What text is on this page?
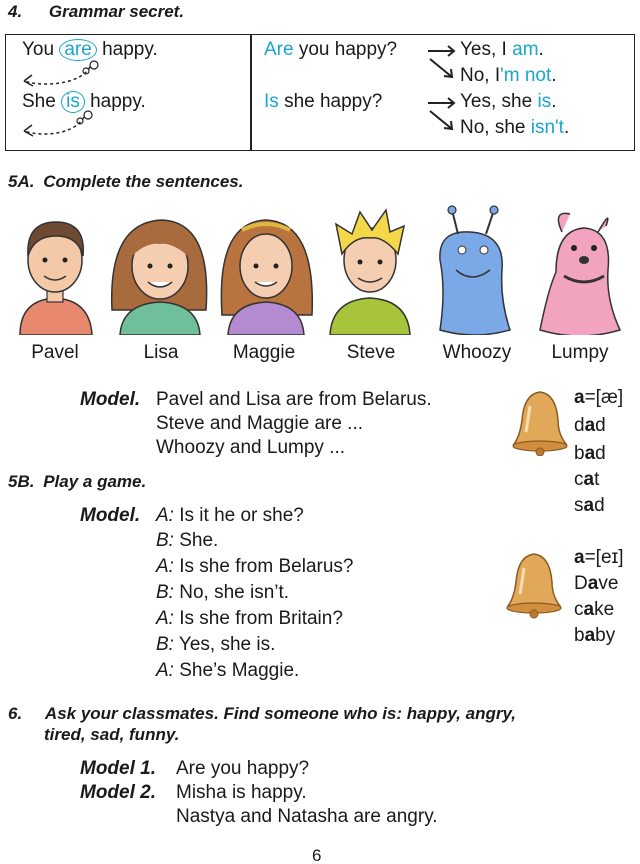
4. Grammar secret.
You are happy.
She is happy.
Are you happy?	Yes, I am.
No, I'm not.
Is she happy?	Yes, she is.
No, she isn't.
5A. Complete the sentences.
Pavel	Lisa	Maggie	Steve	Whoozy	Lumpy
Model. Pavel and Lisa are from Belarus.
Steve and Maggie are ...
Whoozy and Lumpy ...
5B. Play a game.
Model. A: Is it he or she?
B: She.
A: Is she from Belarus?
B: No, she isn’t.
A: Is she from Britain?
B: Yes, she is.
A: She’s Maggie.
a=[æ]
dad
bad
cat
sad
a=[eɪ]
Dave
cake
baby
6. Ask your classmates. Find someone who is: happy, angry,
tired, sad, funny.
Model 1. Are you happy?
Model 2. Misha is happy.
Nastya and Natasha are angry.
6
